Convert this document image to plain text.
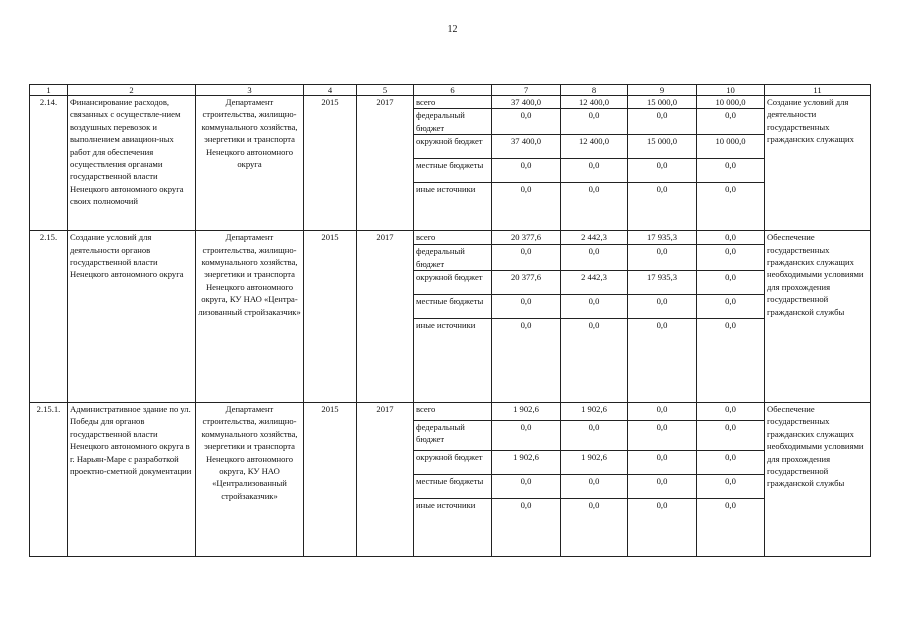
12
1	2	3	4	5	6	7	8	9	10	11
2.14.	Финансирование расходов, связанных с осуществле-нием воздушных перевозок и выполнением авиацион-ных работ для обеспечения осуществления органами государственной власти Ненецкого автономного округа своих полномочий	Департамент строительства, жилищно-коммунального хозяйства, энергетики и транспорта Ненецкого автономного округа	2015	2017	всего	37 400,0	12 400,0	15 000,0	10 000,0	Создание условий для деятельности государственных гражданских служащих
					федеральный бюджет	0,0	0,0	0,0	0,0	
					окружной бюджет	37 400,0	12 400,0	15 000,0	10 000,0	
					местные бюджеты	0,0	0,0	0,0	0,0	
					иные источники	0,0	0,0	0,0	0,0	
2.15.	Создание условий для деятельности органов государственной власти Ненецкого автономного округа	Департамент строительства, жилищно-коммунального хозяйства, энергетики и транспорта Ненецкого автономного округа, КУ НАО «Центра-лизованный стройзаказчик»	2015	2017	всего	20 377,6	2 442,3	17 935,3	0,0	Обеспечение государственных гражданских служащих необходимыми условиями для прохождения государственной гражданской службы
					федеральный бюджет	0,0	0,0	0,0	0,0	
					окружной бюджет	20 377,6	2 442,3	17 935,3	0,0	
					местные бюджеты	0,0	0,0	0,0	0,0	
					иные источники	0,0	0,0	0,0	0,0	
2.15.1.	Административное здание по ул. Победы для органов государственной власти Ненецкого автономного округа в г. Нарьян-Маре с разработкой проектно-сметной документации	Департамент строительства, жилищно-коммунального хозяйства, энергетики и транспорта Ненецкого автономного округа, КУ НАО «Централизованный стройзаказчик»	2015	2017	всего	1 902,6	1 902,6	0,0	0,0	Обеспечение государственных гражданских служащих необходимыми условиями для прохождения государственной гражданской службы
					федеральный бюджет	0,0	0,0	0,0	0,0	
					окружной бюджет	1 902,6	1 902,6	0,0	0,0	
					местные бюджеты	0,0	0,0	0,0	0,0	
					иные источники	0,0	0,0	0,0	0,0	
